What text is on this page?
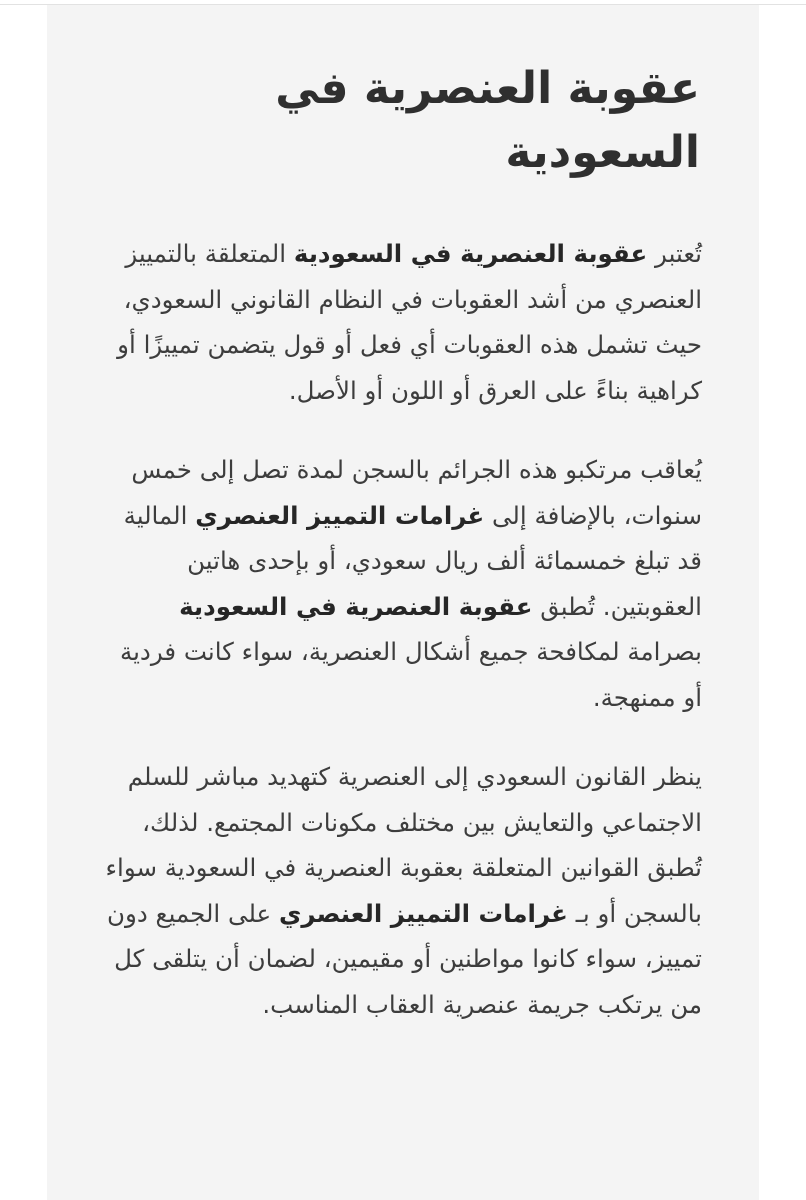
عقوبة العنصرية في السعودية

تُعتبر عقوبة العنصرية في السعودية المتعلقة بالتمييز العنصري من أشد العقوبات في النظام القانوني السعودي، حيث تشمل هذه العقوبات أي فعل أو قول يتضمن تمييزًا أو كراهية بناءً على العرق أو اللون أو الأصل.

يُعاقب مرتكبو هذه الجرائم بالسجن لمدة تصل إلى خمس سنوات، بالإضافة إلى غرامات التمييز العنصري المالية قد تبلغ خمسمائة ألف ريال سعودي، أو بإحدى هاتين العقوبتين. تُطبق عقوبة العنصرية في السعودية بصرامة لمكافحة جميع أشكال العنصرية، سواء كانت فردية أو ممنهجة.

ينظر القانون السعودي إلى العنصرية كتهديد مباشر للسلم الاجتماعي والتعايش بين مختلف مكونات المجتمع. لذلك، تُطبق القوانين المتعلقة بعقوبة العنصرية في السعودية سواء بالسجن أو بـ غرامات التمييز العنصري على الجميع دون تمييز، سواء كانوا مواطنين أو مقيمين، لضمان أن يتلقى كل من يرتكب جريمة عنصرية العقاب المناسب.
